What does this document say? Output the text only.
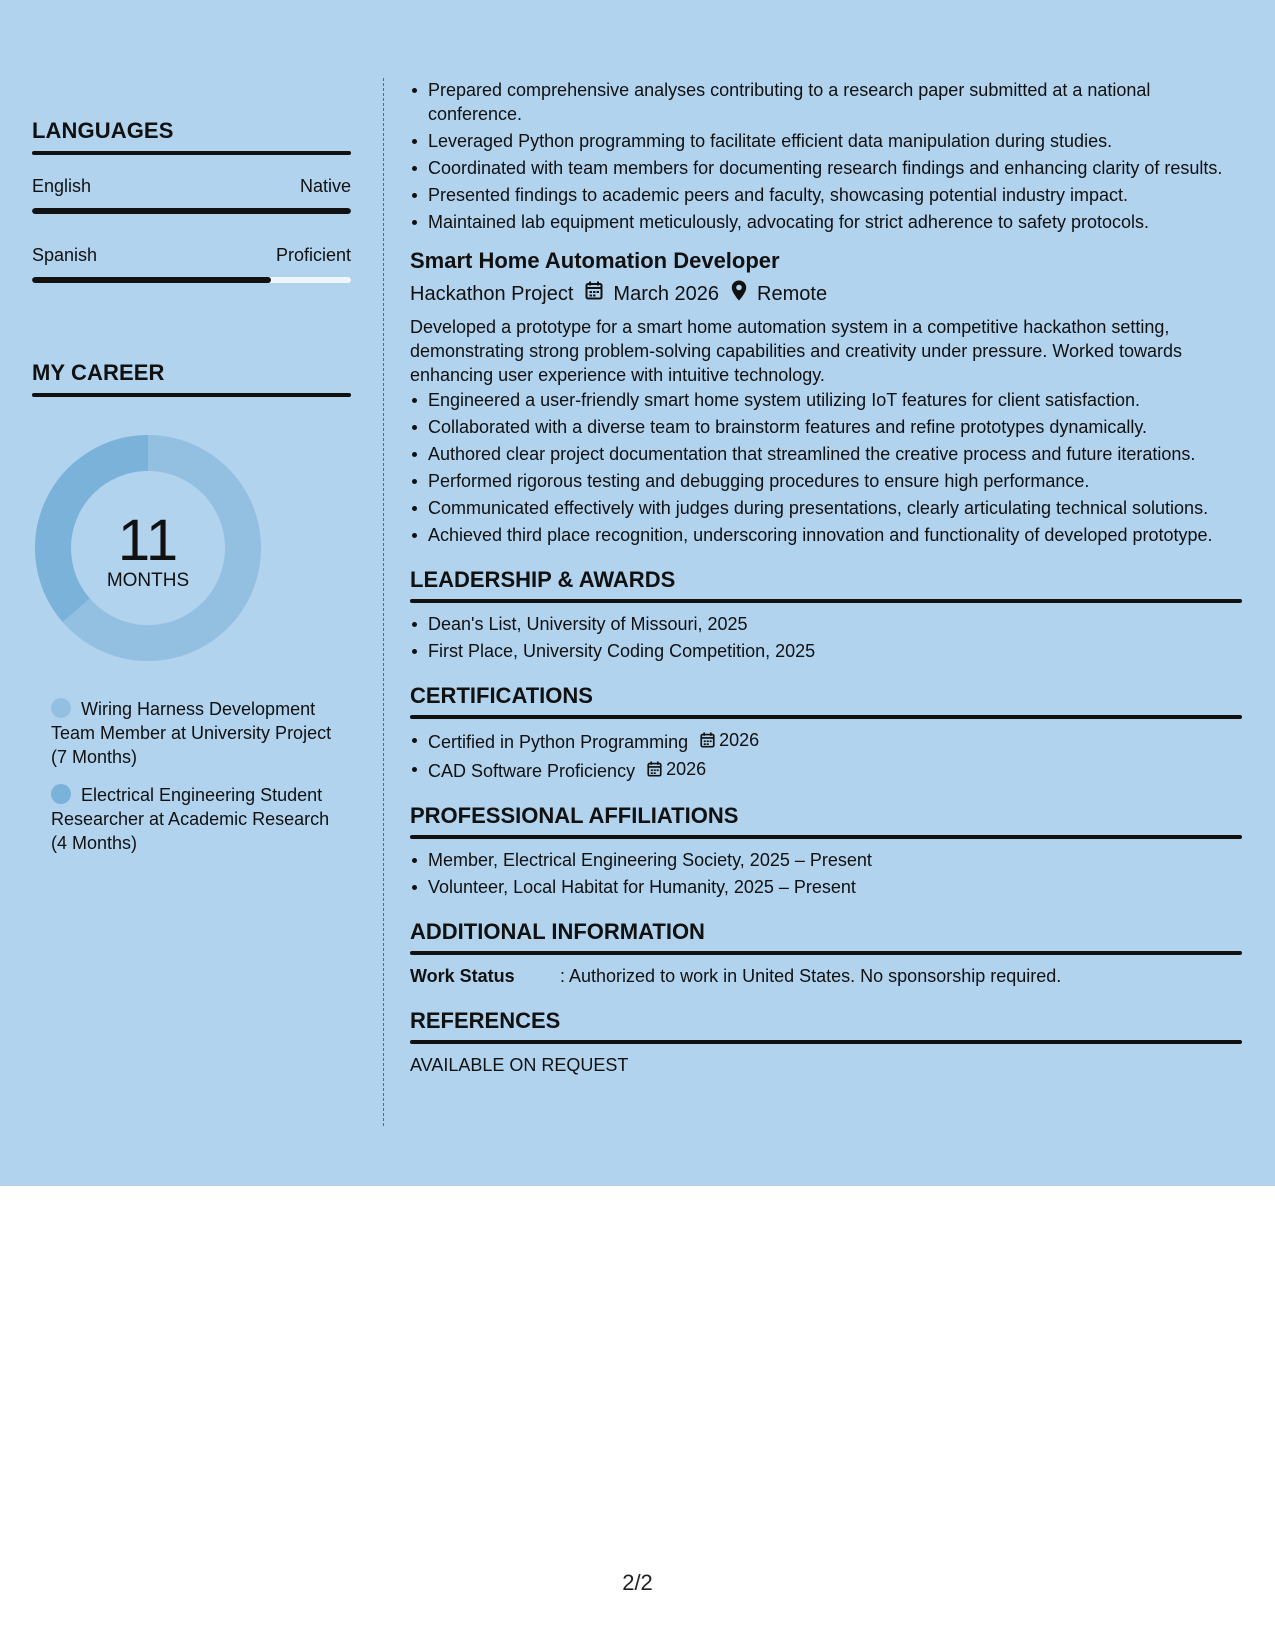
LANGUAGES
English	Native
Spanish	Proficient
MY CAREER
11
MONTHS
Wiring Harness Development Team Member at University Project (7 Months)
Electrical Engineering Student Researcher at Academic Research (4 Months)
Prepared comprehensive analyses contributing to a research paper submitted at a national conference.
Leveraged Python programming to facilitate efficient data manipulation during studies.
Coordinated with team members for documenting research findings and enhancing clarity of results.
Presented findings to academic peers and faculty, showcasing potential industry impact.
Maintained lab equipment meticulously, advocating for strict adherence to safety protocols.
Smart Home Automation Developer
Hackathon Project March 2026 Remote
Developed a prototype for a smart home automation system in a competitive hackathon setting, demonstrating strong problem-solving capabilities and creativity under pressure. Worked towards enhancing user experience with intuitive technology.
Engineered a user-friendly smart home system utilizing IoT features for client satisfaction.
Collaborated with a diverse team to brainstorm features and refine prototypes dynamically.
Authored clear project documentation that streamlined the creative process and future iterations.
Performed rigorous testing and debugging procedures to ensure high performance.
Communicated effectively with judges during presentations, clearly articulating technical solutions.
Achieved third place recognition, underscoring innovation and functionality of developed prototype.
LEADERSHIP & AWARDS
Dean's List, University of Missouri, 2025
First Place, University Coding Competition, 2025
CERTIFICATIONS
Certified in Python Programming 2026
CAD Software Proficiency 2026
PROFESSIONAL AFFILIATIONS
Member, Electrical Engineering Society, 2025 – Present
Volunteer, Local Habitat for Humanity, 2025 – Present
ADDITIONAL INFORMATION
Work Status	: Authorized to work in United States. No sponsorship required.
REFERENCES
AVAILABLE ON REQUEST
2/2
